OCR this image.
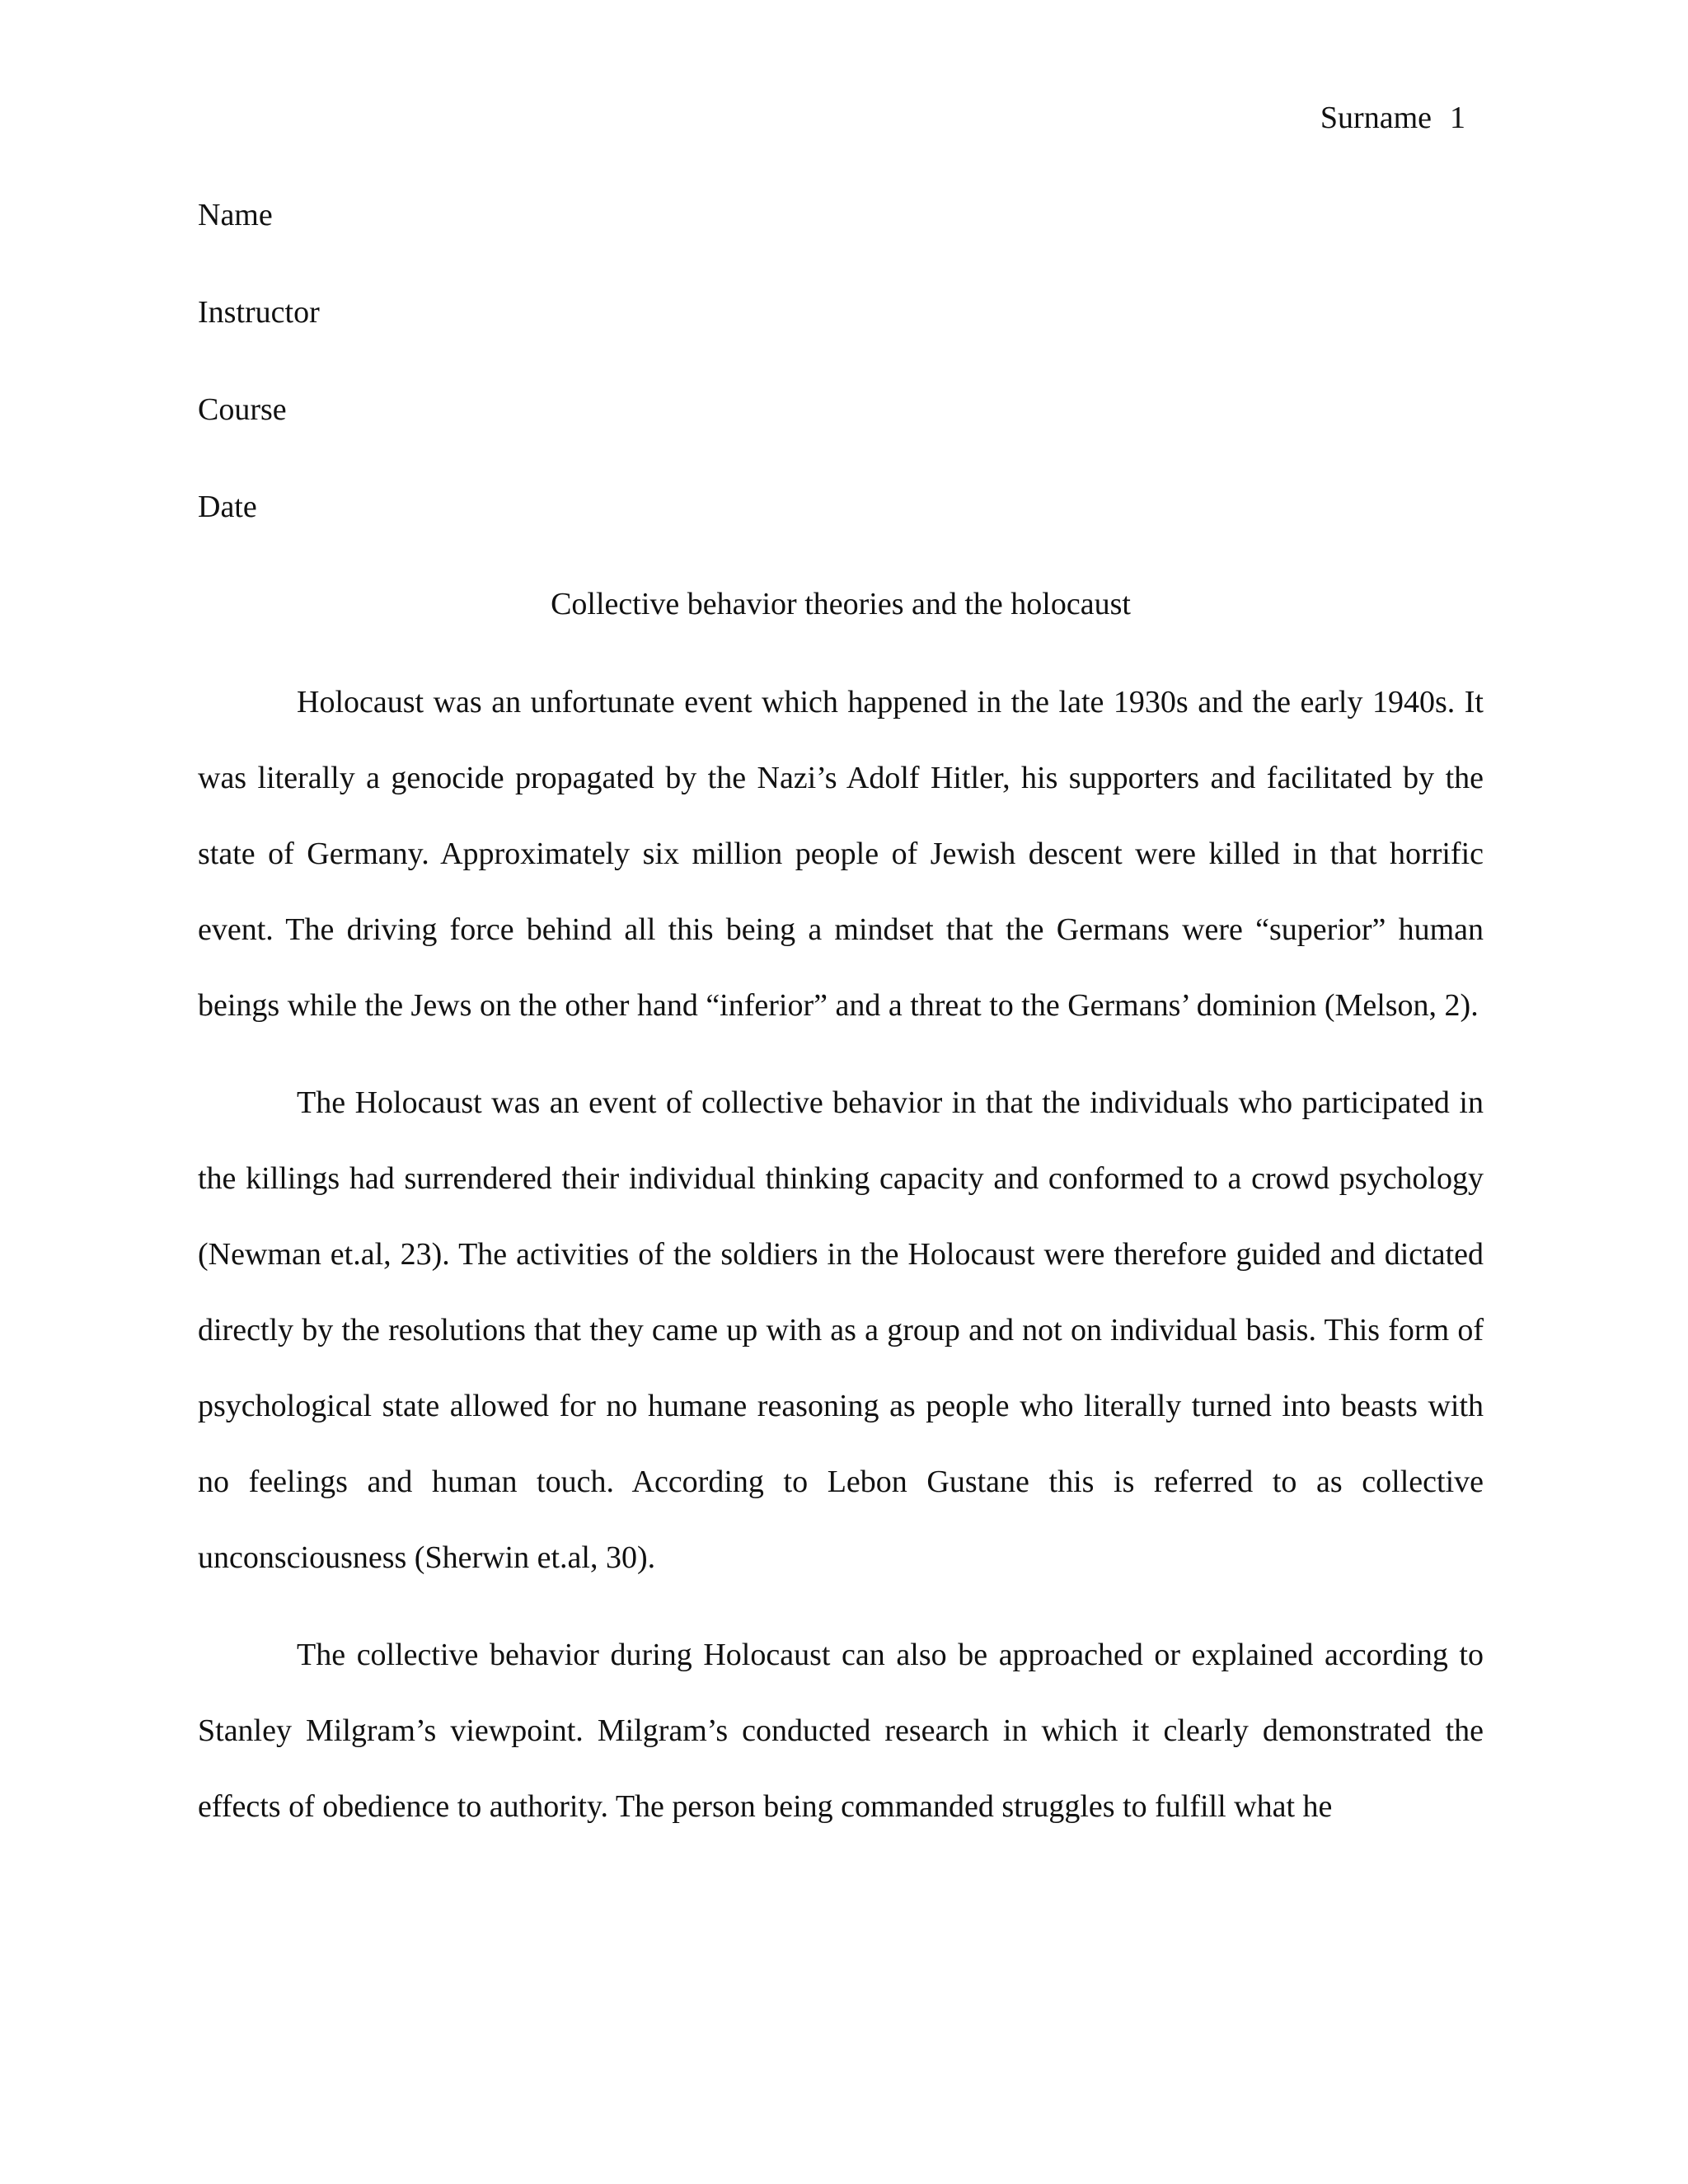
Surname 1

Name

Instructor

Course

Date

Collective behavior theories and the holocaust

Holocaust was an unfortunate event which happened in the late 1930s and the early 1940s. It was literally a genocide propagated by the Nazi’s Adolf Hitler, his supporters and facilitated by the state of Germany. Approximately six million people of Jewish descent were killed in that horrific event. The driving force behind all this being a mindset that the Germans were “superior” human beings while the Jews on the other hand “inferior” and a threat to the Germans’ dominion (Melson, 2).

The Holocaust was an event of collective behavior in that the individuals who participated in the killings had surrendered their individual thinking capacity and conformed to a crowd psychology (Newman et.al, 23). The activities of the soldiers in the Holocaust were therefore guided and dictated directly by the resolutions that they came up with as a group and not on individual basis. This form of psychological state allowed for no humane reasoning as people who literally turned into beasts with no feelings and human touch. According to Lebon Gustane this is referred to as collective unconsciousness (Sherwin et.al, 30).

The collective behavior during Holocaust can also be approached or explained according to Stanley Milgram’s viewpoint. Milgram’s conducted research in which it clearly demonstrated the effects of obedience to authority. The person being commanded struggles to fulfill what he
